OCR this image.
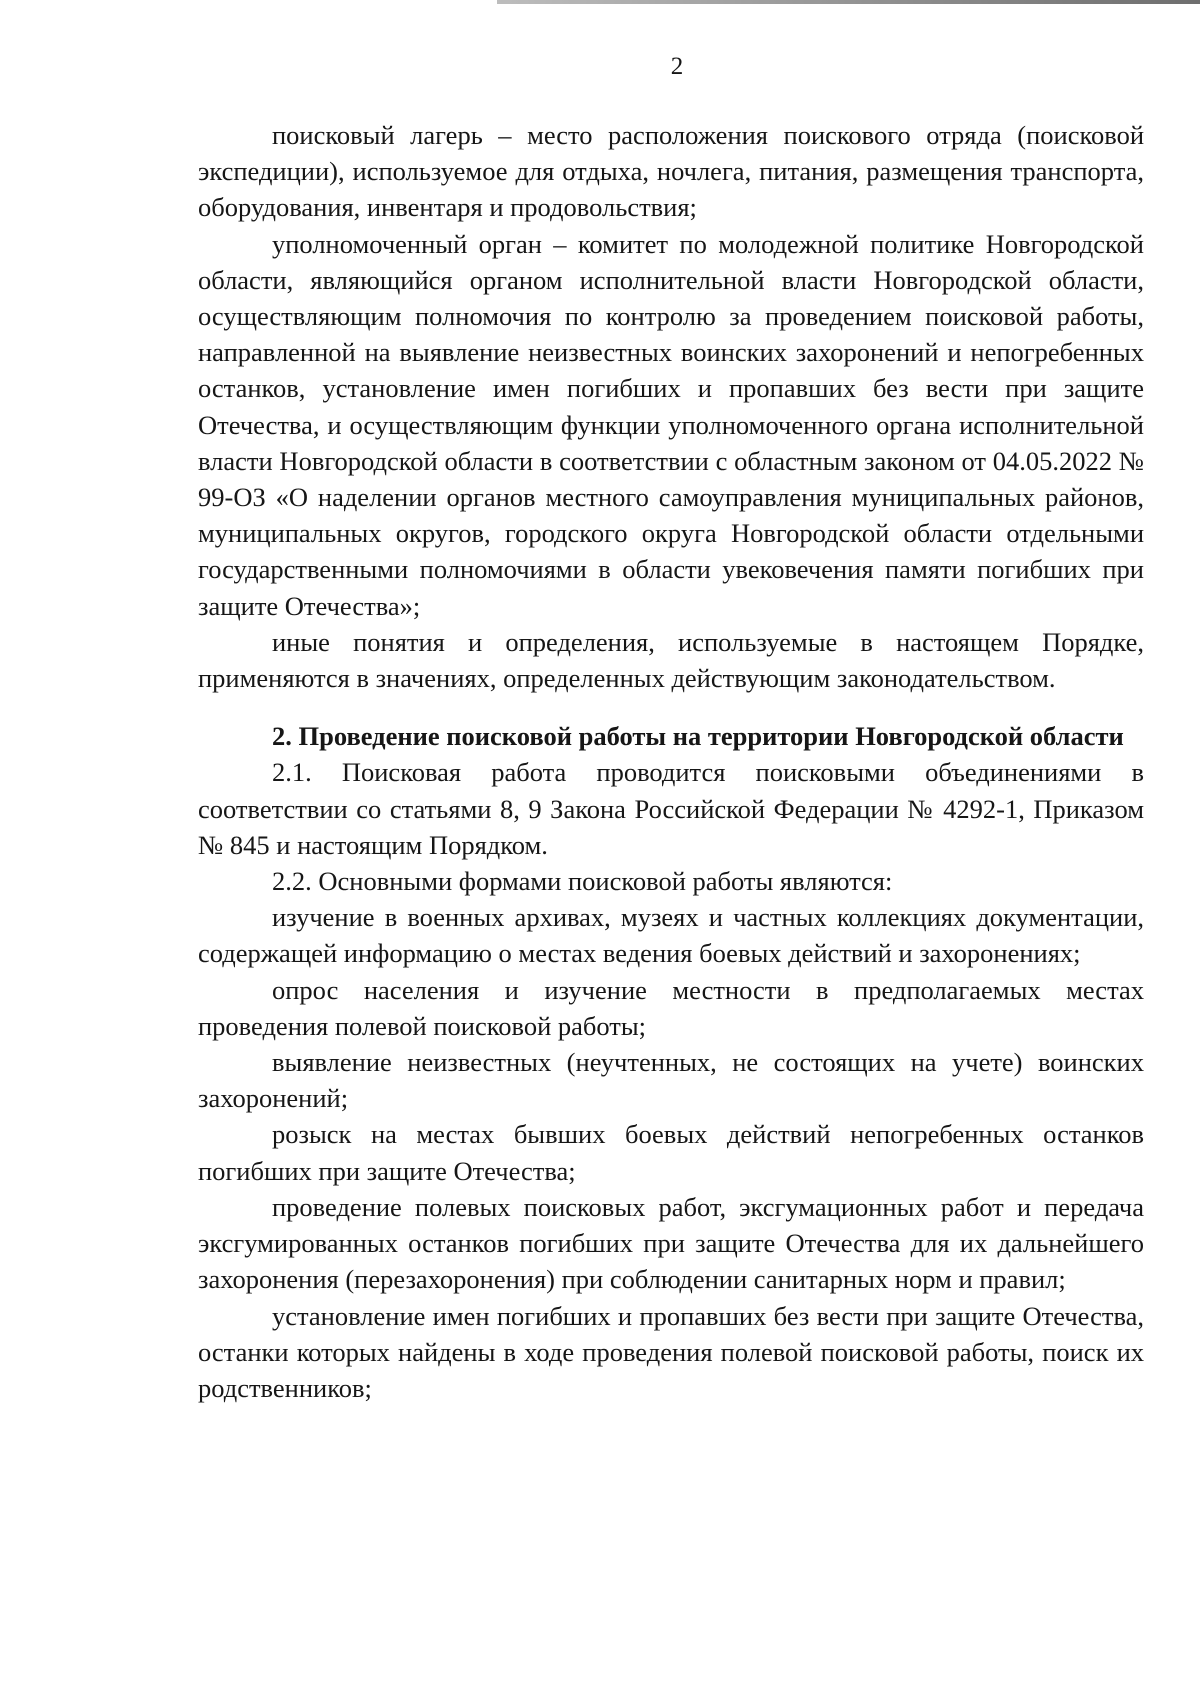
2

поисковый лагерь – место расположения поискового отряда (поисковой экспедиции), используемое для отдыха, ночлега, питания, размещения транспорта, оборудования, инвентаря и продовольствия;

уполномоченный орган – комитет по молодежной политике Новгородской области, являющийся органом исполнительной власти Новгородской области, осуществляющим полномочия по контролю за проведением поисковой работы, направленной на выявление неизвестных воинских захоронений и непогребенных останков, установление имен погибших и пропавших без вести при защите Отечества, и осуществляющим функции уполномоченного органа исполнительной власти Новгородской области в соответствии с областным законом от 04.05.2022 № 99-ОЗ «О наделении органов местного самоуправления муниципальных районов, муниципальных округов, городского округа Новгородской области отдельными государственными полномочиями в области увековечения памяти погибших при защите Отечества»;

иные понятия и определения, используемые в настоящем Порядке, применяются в значениях, определенных действующим законодательством.

2. Проведение поисковой работы на территории Новгородской области

2.1. Поисковая работа проводится поисковыми объединениями в соответствии со статьями 8, 9 Закона Российской Федерации № 4292-1, Приказом № 845 и настоящим Порядком.

2.2. Основными формами поисковой работы являются:

изучение в военных архивах, музеях и частных коллекциях документации, содержащей информацию о местах ведения боевых действий и захоронениях;

опрос населения и изучение местности в предполагаемых местах проведения полевой поисковой работы;

выявление неизвестных (неучтенных, не состоящих на учете) воинских захоронений;

розыск на местах бывших боевых действий непогребенных останков погибших при защите Отечества;

проведение полевых поисковых работ, эксгумационных работ и передача эксгумированных останков погибших при защите Отечества для их дальнейшего захоронения (перезахоронения) при соблюдении санитарных норм и правил;

установление имен погибших и пропавших без вести при защите Отечества, останки которых найдены в ходе проведения полевой поисковой работы, поиск их родственников;
